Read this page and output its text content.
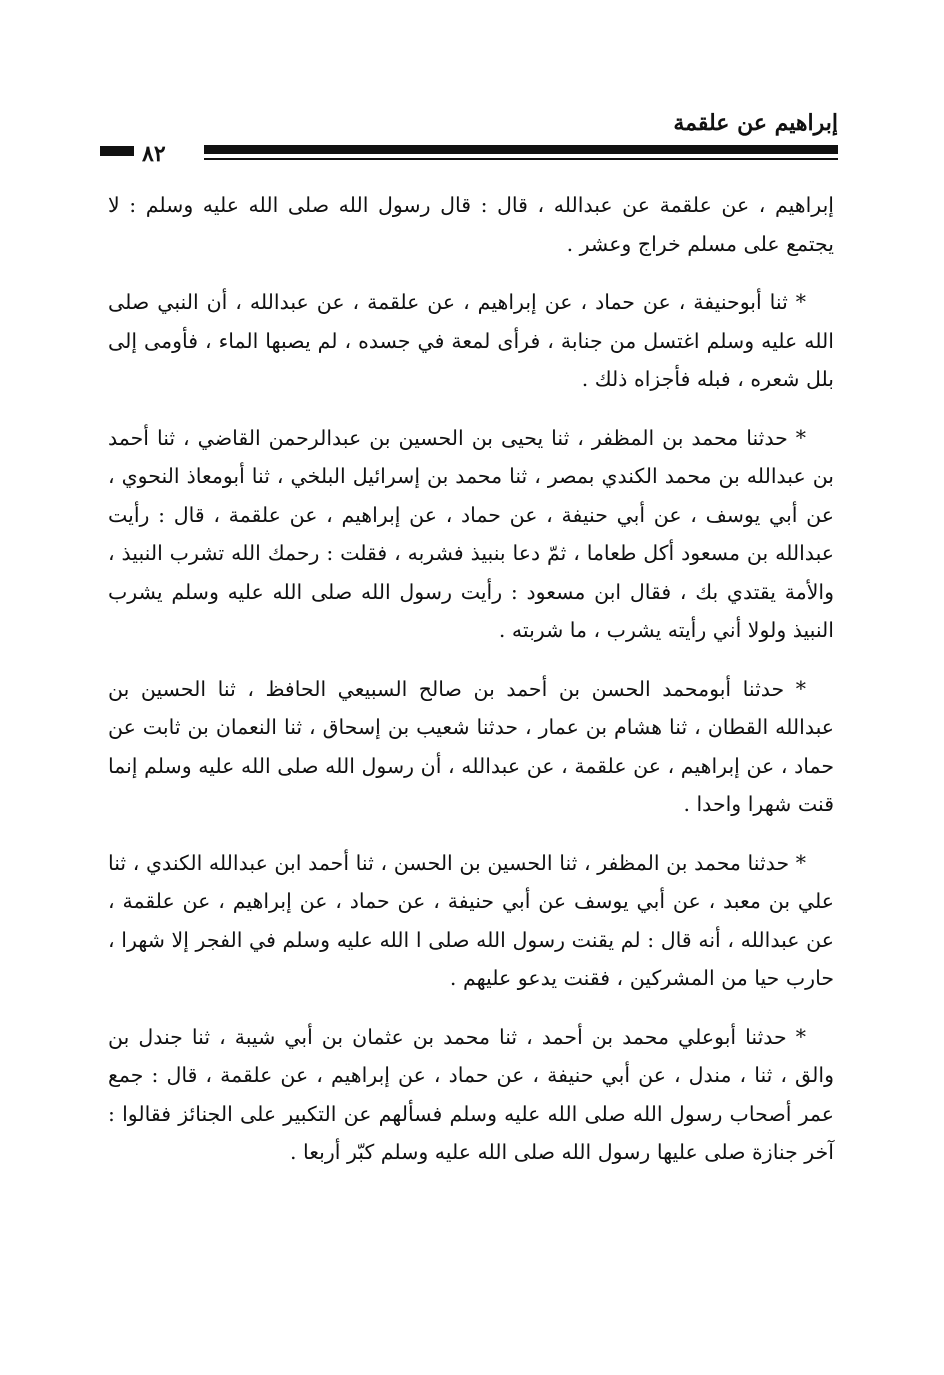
إبراهيم عن علقمة
٨٢

إبراهيم ، عن علقمة عن عبدالله ، قال : قال رسول الله صلى الله عليه وسلم : لا يجتمع على مسلم خراج وعشر .

* ثنا أبوحنيفة ، عن حماد ، عن إبراهيم ، عن علقمة ، عن عبدالله ، أن النبي صلى الله عليه وسلم اغتسل من جنابة ، فرأى لمعة في جسده ، لم يصبها الماء ، فأومى إلى بلل شعره ، فبله فأجزاه ذلك .

* حدثنا محمد بن المظفر ، ثنا يحيى بن الحسين بن عبدالرحمن القاضي ، ثنا أحمد بن عبدالله بن محمد الكندي بمصر ، ثنا محمد بن إسرائيل البلخي ، ثنا أبومعاذ النحوي ، عن أبي يوسف ، عن أبي حنيفة ، عن حماد ، عن إبراهيم ، عن علقمة ، قال : رأيت عبدالله بن مسعود أكل طعاما ، ثمّ دعا بنبيذ فشربه ، فقلت : رحمك الله تشرب النبيذ ، والأمة يقتدي بك ، فقال ابن مسعود : رأيت رسول الله صلى الله عليه وسلم يشرب النبيذ ولولا أني رأيته يشرب ، ما شربته .

* حدثنا أبومحمد الحسن بن أحمد بن صالح السبيعي الحافظ ، ثنا الحسين بن عبدالله القطان ، ثنا هشام بن عمار ، حدثنا شعيب بن إسحاق ، ثنا النعمان بن ثابت عن حماد ، عن إبراهيم ، عن علقمة ، عن عبدالله ، أن رسول الله صلى الله عليه وسلم إنما قنت شهرا واحدا .

* حدثنا محمد بن المظفر ، ثنا الحسين بن الحسن ، ثنا أحمد ابن عبدالله الكندي ، ثنا علي بن معبد ، عن أبي يوسف عن أبي حنيفة ، عن حماد ، عن إبراهيم ، عن علقمة ، عن عبدالله ، أنه قال : لم يقنت رسول الله صلى ا الله عليه وسلم في الفجر إلا شهرا ، حارب حيا من المشركين ، فقنت يدعو عليهم .

* حدثنا أبوعلي محمد بن أحمد ، ثنا محمد بن عثمان بن أبي شيبة ، ثنا جندل بن والق ، ثنا ، مندل ، عن أبي حنيفة ، عن حماد ، عن إبراهيم ، عن علقمة ، قال : جمع عمر أصحاب رسول الله صلى الله عليه وسلم فسألهم عن التكبير على الجنائز فقالوا : آخر جنازة صلى عليها رسول الله صلى الله عليه وسلم كبّر أربعا .
